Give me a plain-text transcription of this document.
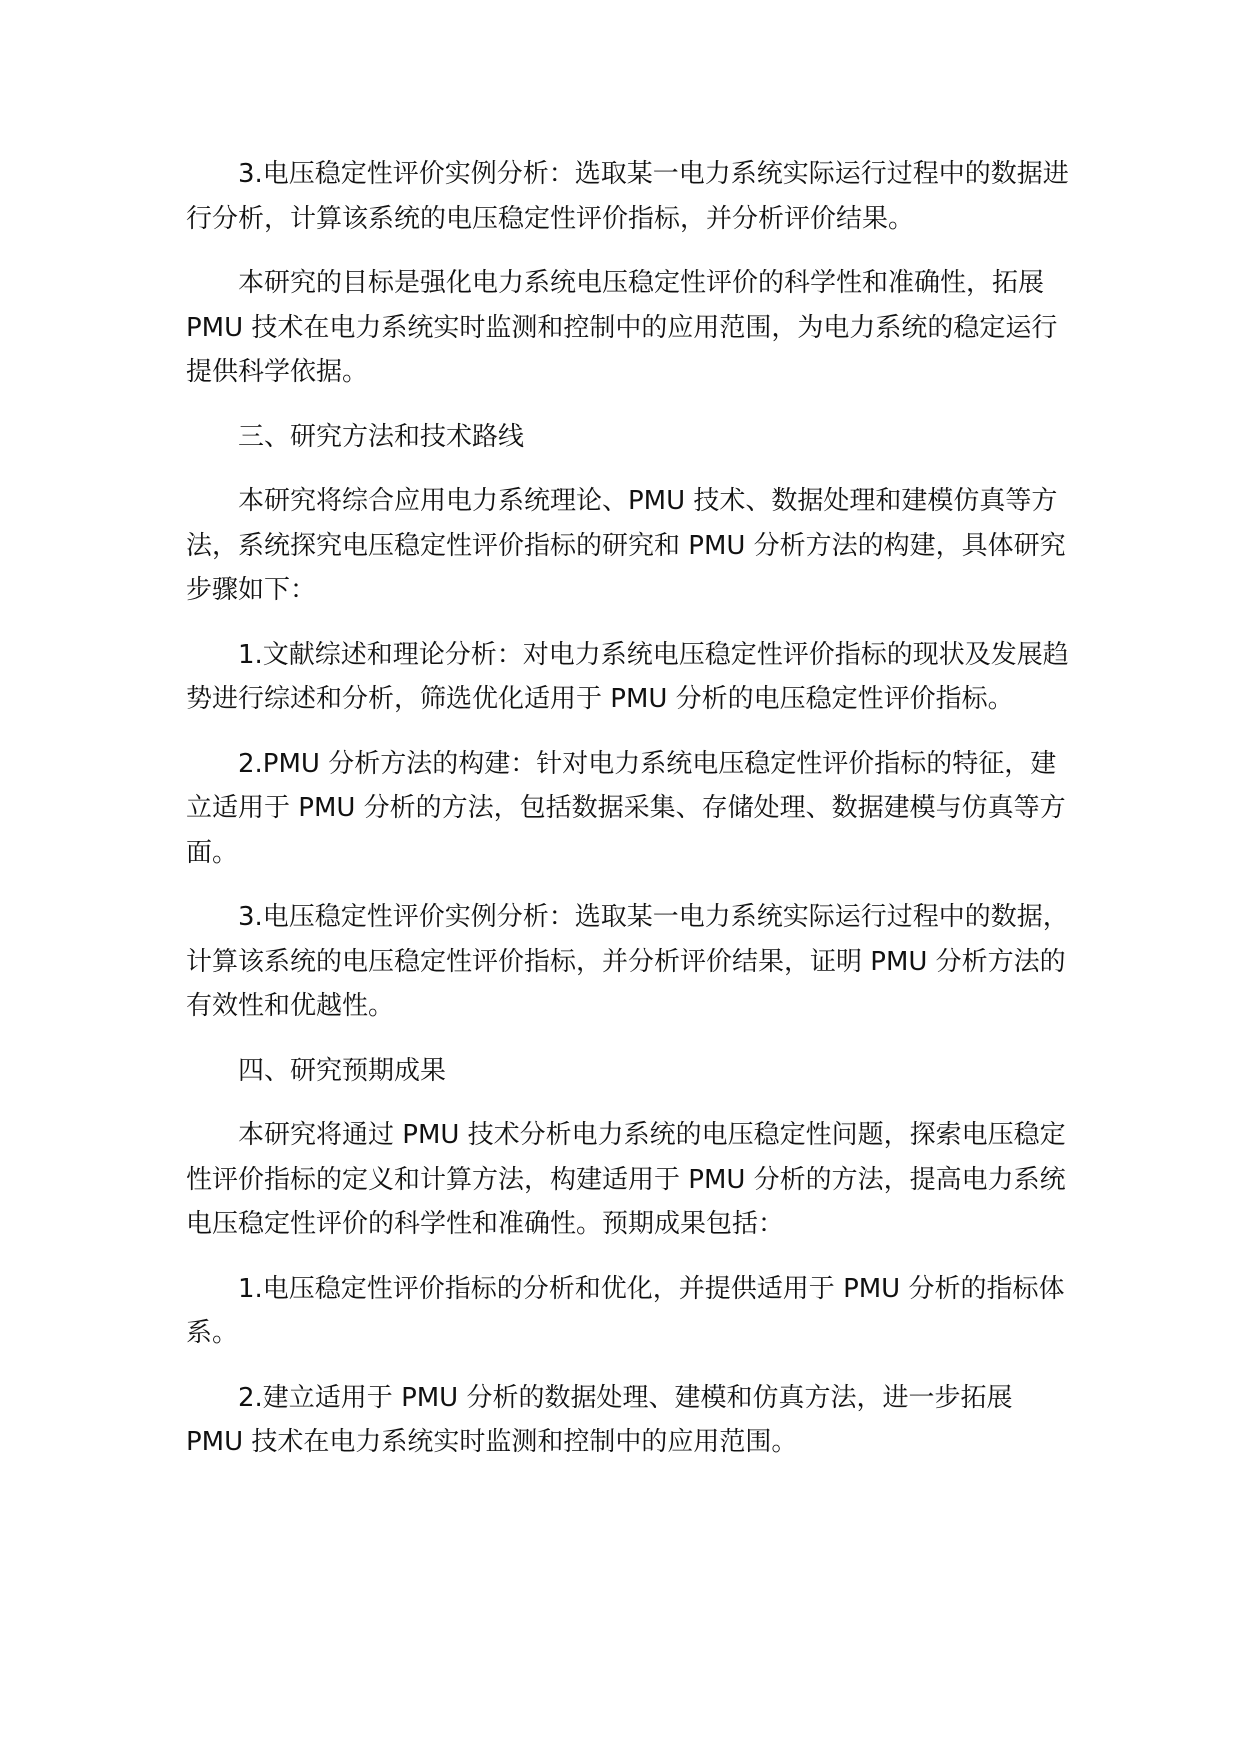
3.电压稳定性评价实例分析：选取某一电力系统实际运行过程中的数据进行分析，计算该系统的电压稳定性评价指标，并分析评价结果。

本研究的目标是强化电力系统电压稳定性评价的科学性和准确性，拓展 PMU 技术在电力系统实时监测和控制中的应用范围，为电力系统的稳定运行提供科学依据。

三、研究方法和技术路线

本研究将综合应用电力系统理论、PMU 技术、数据处理和建模仿真等方法，系统探究电压稳定性评价指标的研究和 PMU 分析方法的构建，具体研究步骤如下：

1.文献综述和理论分析：对电力系统电压稳定性评价指标的现状及发展趋势进行综述和分析，筛选优化适用于 PMU 分析的电压稳定性评价指标。

2.PMU 分析方法的构建：针对电力系统电压稳定性评价指标的特征，建立适用于 PMU 分析的方法，包括数据采集、存储处理、数据建模与仿真等方面。

3.电压稳定性评价实例分析：选取某一电力系统实际运行过程中的数据，计算该系统的电压稳定性评价指标，并分析评价结果，证明 PMU 分析方法的有效性和优越性。

四、研究预期成果

本研究将通过 PMU 技术分析电力系统的电压稳定性问题，探索电压稳定性评价指标的定义和计算方法，构建适用于 PMU 分析的方法，提高电力系统电压稳定性评价的科学性和准确性。预期成果包括：

1.电压稳定性评价指标的分析和优化，并提供适用于 PMU 分析的指标体系。

2.建立适用于 PMU 分析的数据处理、建模和仿真方法，进一步拓展 PMU 技术在电力系统实时监测和控制中的应用范围。
